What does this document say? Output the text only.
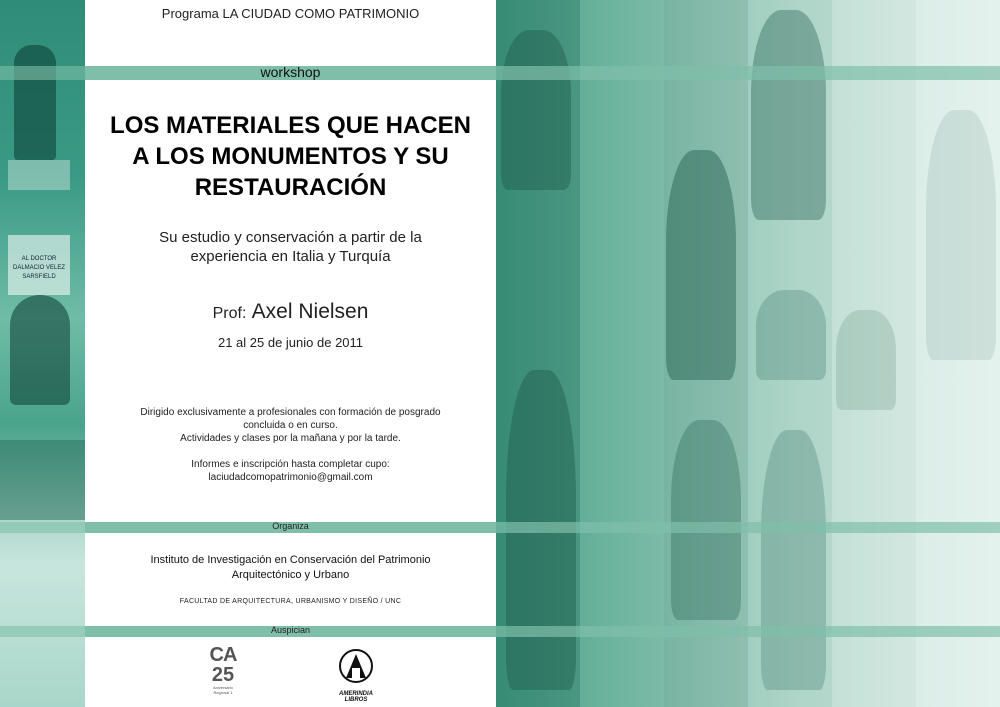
AL DOCTOR
DALMACIO VELEZ
SARSFIELD
workshop
Organiza
Auspician
Programa LA CIUDAD COMO PATRIMONIO
LOS MATERIALES QUE HACEN
A LOS MONUMENTOS Y SU
RESTAURACIÓN
Su estudio y conservación a partir de la
experiencia en Italia y Turquía
Prof: Axel Nielsen
21 al 25 de junio de 2011
Dirigido exclusivamente a profesionales con formación de posgrado
concluida o en curso.
Actividades y clases por la mañana y por la tarde.
Informes e inscripción hasta completar cupo:
laciudadcomopatrimonio@gmail.com
Instituto de Investigación en Conservación del Patrimonio
Arquitectónico y Urbano
FACULTAD DE ARQUITECTURA, URBANISMO Y DISEÑO / UNC
CA
25
Aniversario
Regional 1	AMERINDIA LIBROS
